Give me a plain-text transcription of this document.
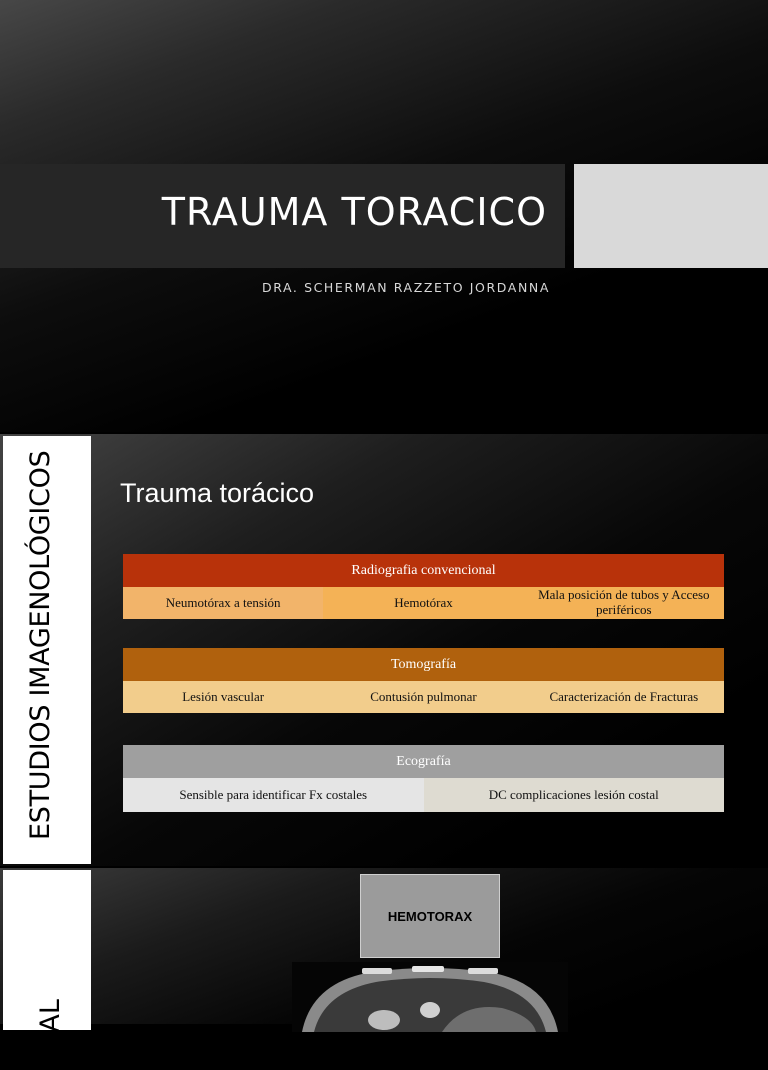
TRAUMA TORACICO
DRA. SCHERMAN RAZZETO JORDANNA
ESTUDIOS IMAGENOLÓGICOS Trauma torácico
Radiografia convencional
Neumotórax a tensión	Hemotórax	Mala posición de tubos y Acceso periféricos
Tomografía
Lesión vascular	Contusión pulmonar	Caracterización de Fracturas
Ecografía
Sensible para identificar Fx costales	DC complicaciones lesión costal
URAL
HEMOTORAX
